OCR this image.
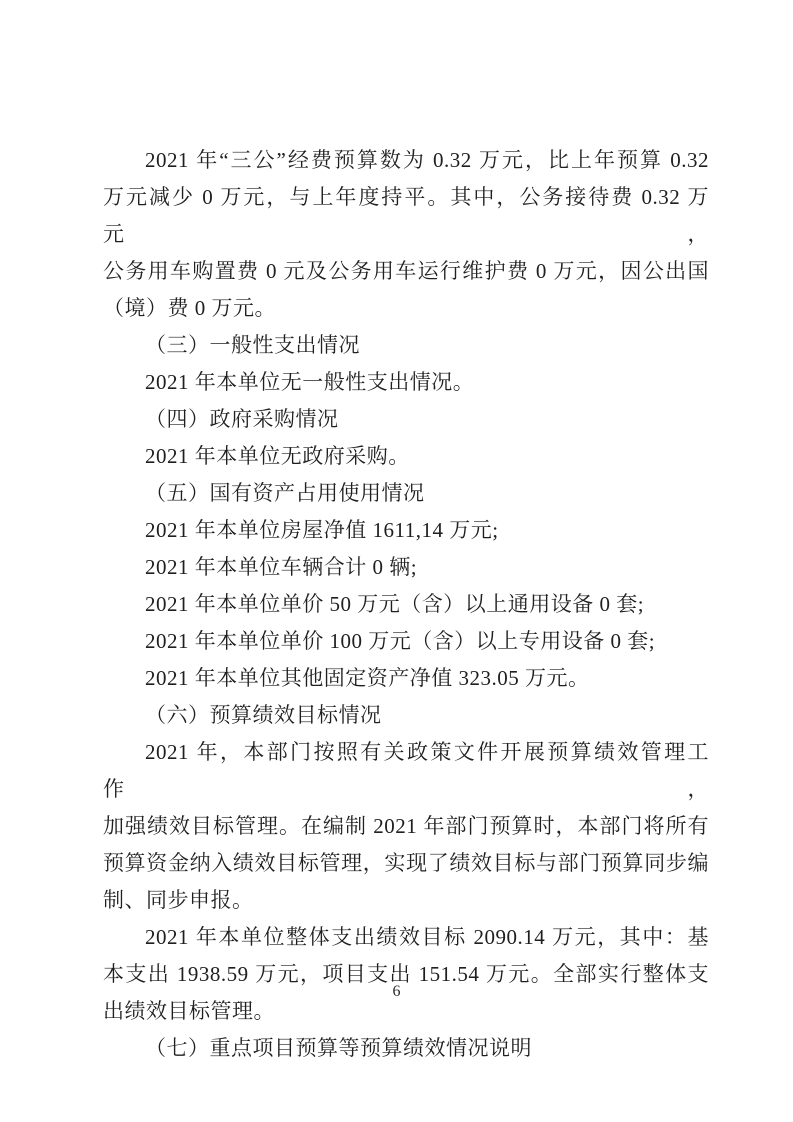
2021 年“三公”经费预算数为 0.32 万元，比上年预算 0.32
万元减少 0 万元，与上年度持平。其中，公务接待费 0.32 万元，
公务用车购置费 0 元及公务用车运行维护费 0 万元，因公出国
（境）费 0 万元。
（三）一般性支出情况
2021 年本单位无一般性支出情况。
（四）政府采购情况
2021 年本单位无政府采购。
（五）国有资产占用使用情况
2021 年本单位房屋净值 1611,14 万元;
2021 年本单位车辆合计 0 辆;
2021 年本单位单价 50 万元（含）以上通用设备 0 套;
2021 年本单位单价 100 万元（含）以上专用设备 0 套;
2021 年本单位其他固定资产净值 323.05 万元。
（六）预算绩效目标情况
2021 年，本部门按照有关政策文件开展预算绩效管理工作，
加强绩效目标管理。在编制 2021 年部门预算时，本部门将所有
预算资金纳入绩效目标管理，实现了绩效目标与部门预算同步编
制、同步申报。
2021 年本单位整体支出绩效目标 2090.14 万元，其中：基
本支出 1938.59 万元，项目支出 151.54 万元。全部实行整体支
出绩效目标管理。
（七）重点项目预算等预算绩效情况说明
6
